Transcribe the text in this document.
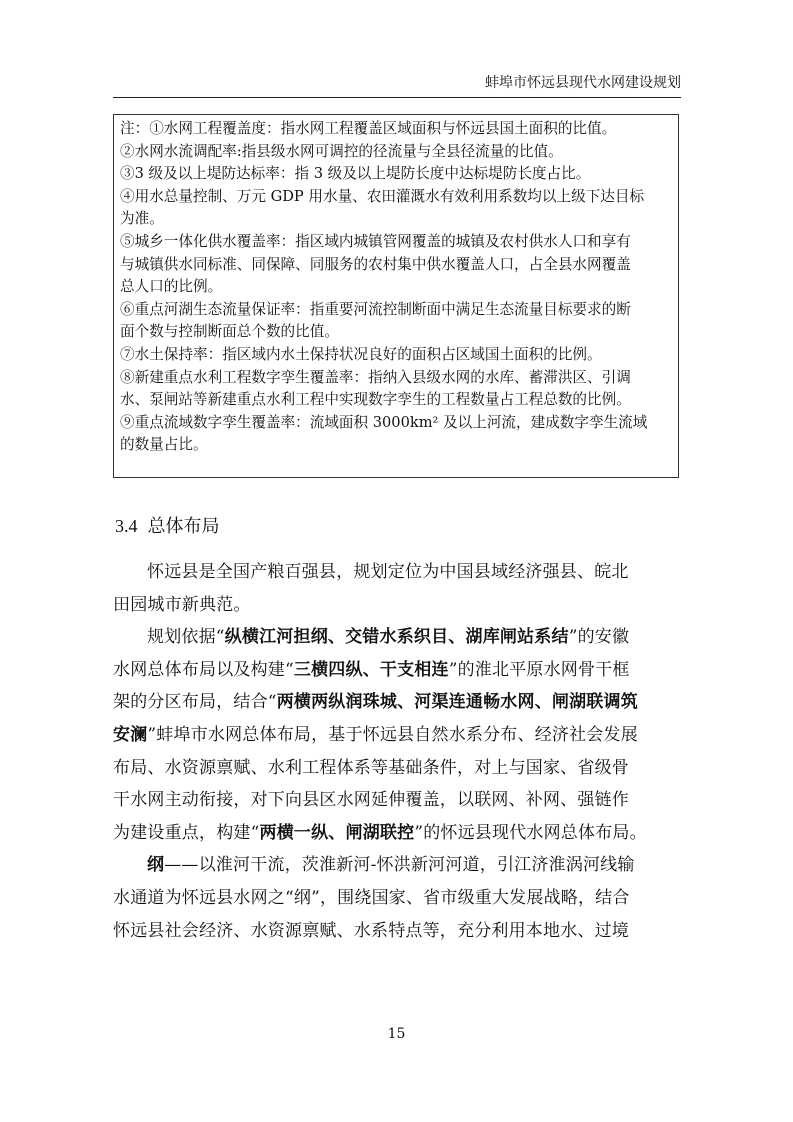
蚌埠市怀远县现代水网建设规划

注：①水网工程覆盖度：指水网工程覆盖区域面积与怀远县国土面积的比值。

②水网水流调配率:指县级水网可调控的径流量与全县径流量的比值。

③3 级及以上堤防达标率：指 3 级及以上堤防长度中达标堤防长度占比。

④用水总量控制、万元 GDP 用水量、农田灌溉水有效利用系数均以上级下达目标

为准。

⑤城乡一体化供水覆盖率：指区域内城镇管网覆盖的城镇及农村供水人口和享有

与城镇供水同标准、同保障、同服务的农村集中供水覆盖人口，占全县水网覆盖

总人口的比例。

⑥重点河湖生态流量保证率：指重要河流控制断面中满足生态流量目标要求的断

面个数与控制断面总个数的比值。

⑦水土保持率：指区域内水土保持状况良好的面积占区域国土面积的比例。

⑧新建重点水利工程数字孪生覆盖率：指纳入县级水网的水库、蓄滞洪区、引调

水、泵闸站等新建重点水利工程中实现数字孪生的工程数量占工程总数的比例。

⑨重点流域数字孪生覆盖率：流域面积 3000km² 及以上河流，建成数字孪生流域

的数量占比。

3.4 总体布局

怀远县是全国产粮百强县，规划定位为中国县域经济强县、皖北

田园城市新典范。

规划依据“纵横江河担纲、交错水系织目、湖库闸站系结”的安徽

水网总体布局以及构建“三横四纵、干支相连”的淮北平原水网骨干框

架的分区布局，结合“两横两纵润珠城、河渠连通畅水网、闸湖联调筑

安澜”蚌埠市水网总体布局，基于怀远县自然水系分布、经济社会发展

布局、水资源禀赋、水利工程体系等基础条件，对上与国家、省级骨

干水网主动衔接，对下向县区水网延伸覆盖，以联网、补网、强链作

为建设重点，构建“两横一纵、闸湖联控”的怀远县现代水网总体布局。

纲——以淮河干流，茨淮新河-怀洪新河河道，引江济淮涡河线输

水通道为怀远县水网之“纲”，围绕国家、省市级重大发展战略，结合

怀远县社会经济、水资源禀赋、水系特点等，充分利用本地水、过境

15
